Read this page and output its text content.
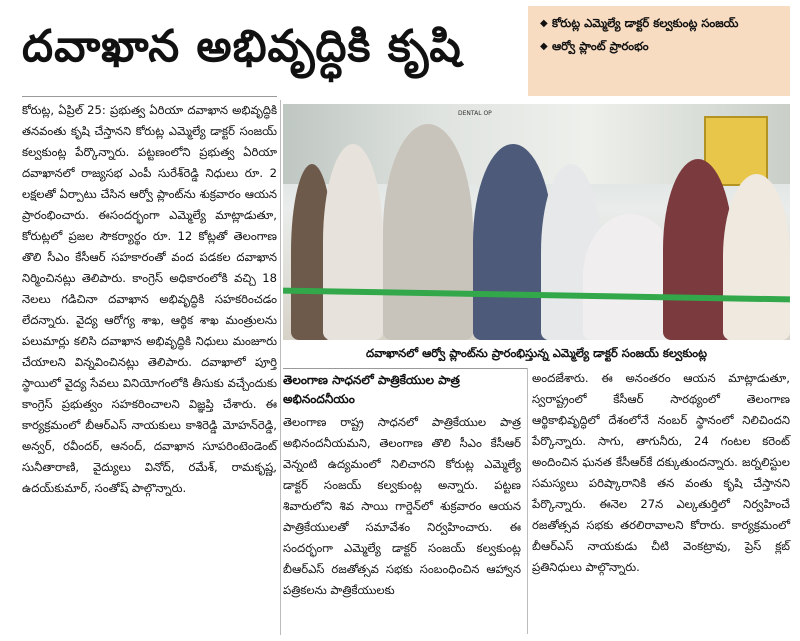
దవాఖాన అభివృద్ధికి కృషి	◆ కోరుట్ల ఎమ్మెల్యే డాక్టర్ కల్వకుంట్ల సంజయ్
◆ ఆర్వో ప్లాంట్ ప్రారంభం

కోరుట్ల, ఏప్రిల్ 25: ప్రభుత్వ ఏరియా దవాఖాన అభివృద్ధికి తనవంతు కృషి చేస్తానని కోరుట్ల ఎమ్మెల్యే డాక్టర్ సంజయ్ కల్వకుంట్ల పేర్కొన్నారు. పట్టణంలోని ప్రభుత్వ ఏరియా దవాఖానలో రాజ్యసభ ఎంపీ సురేశ్‌రెడ్డి నిధులు రూ. 2 లక్షలతో ఏర్పాటు చేసిన ఆర్వో ప్లాంట్‌ను శుక్రవారం ఆయన ప్రారంభించారు. ఈసందర్భంగా ఎమ్మెల్యే మాట్లాడుతూ, కోరుట్లలో ప్రజల సౌకర్యార్థం రూ. 12 కోట్లతో తెలంగాణ తొలి సీఎం కేసీఆర్ సహకారంతో వంద పడకల దవాఖాన నిర్మించినట్లు తెలిపారు. కాంగ్రెస్ అధికారంలోకి వచ్చి 18 నెలలు గడిచినా దవాఖాన అభివృద్ధికి సహకరించడం లేదన్నారు. వైద్య ఆరోగ్య శాఖ, ఆర్థిక శాఖ మంత్రులను పలుమార్లు కలిసి దవాఖాన అభివృద్ధికి నిధులు మంజూరు చేయాలని విన్నవించినట్లు తెలిపారు. దవాఖాలో పూర్తి స్థాయిలో వైద్య సేవలు వినియోగంలోకి తీసుకు వచ్చేందుకు కాంగ్రెస్ ప్రభుత్వం సహకరించాలని విజ్ఞప్తి చేశారు. ఈ కార్యక్రమంలో బీఆర్‌ఎస్ నాయకులు కాశిరెడ్డి మోహన్‌రెడ్డి, అన్వర్, రవీందర్, ఆనంద్, దవాఖాన సూపరింటెండెంట్ సునీతారాణి, వైద్యులు వినోద్, రమేశ్, రామకృష్ణ, ఉదయ్‌కుమార్, సంతోష్ పాల్గొన్నారు.

DENTAL OP
దవాఖానలో ఆర్వో ప్లాంట్‌ను ప్రారంభిస్తున్న ఎమ్మెల్యే డాక్టర్ సంజయ్ కల్వకుంట్ల
తెలంగాణ సాధనలో పాత్రికేయుల పాత్ర అభినందనీయం

తెలంగాణ రాష్ట్ర సాధనలో పాత్రికేయుల పాత్ర అభినందనీయమని, తెలంగాణ తొలి సీఎం కేసీఆర్ వెన్నంటి ఉద్యమంలో నిలిచారని కోరుట్ల ఎమ్మెల్యే డాక్టర్ సంజయ్ కల్వకుంట్ల అన్నారు. పట్టణ శివారులోని శివ సాయి గార్డెన్‌లో శుక్రవారం ఆయన పాత్రికేయులతో సమావేశం నిర్వహించారు. ఈ సందర్భంగా ఎమ్మెల్యే డాక్టర్ సంజయ్ కల్వకుంట్ల బీఆర్‌ఎస్ రజతోత్సవ సభకు సంబంధించిన ఆహ్వాన పత్రికలను పాత్రికేయులకు

అందజేశారు. ఈ అనంతరం ఆయన మాట్లాడుతూ, స్వరాష్ట్రంలో కేసీఆర్ సారథ్యంలో తెలంగాణ ఆర్థికాభివృద్ధిలో దేశంలోనే నంబర్ స్థానంలో నిలిచిందని పేర్కొన్నారు. సాగు, తాగునీరు, 24 గంటల కరెంట్ అందించిన ఘనత కేసీఆర్‌కే దక్కుతుందన్నారు. జర్నలిస్టుల సమస్యలు పరిష్కారానికి తన వంతు కృషి చేస్తానని పేర్కొన్నారు. ఈనెల 27న ఎల్కతుర్తిలో నిర్వహించే రజతోత్సవ సభకు తరలిరావాలని కోరారు. కార్యక్రమంలో బీఆర్‌ఎస్ నాయకుడు చీటి వెంకట్రావు, ప్రెస్ క్లబ్ ప్రతినిధులు పాల్గొన్నారు.
